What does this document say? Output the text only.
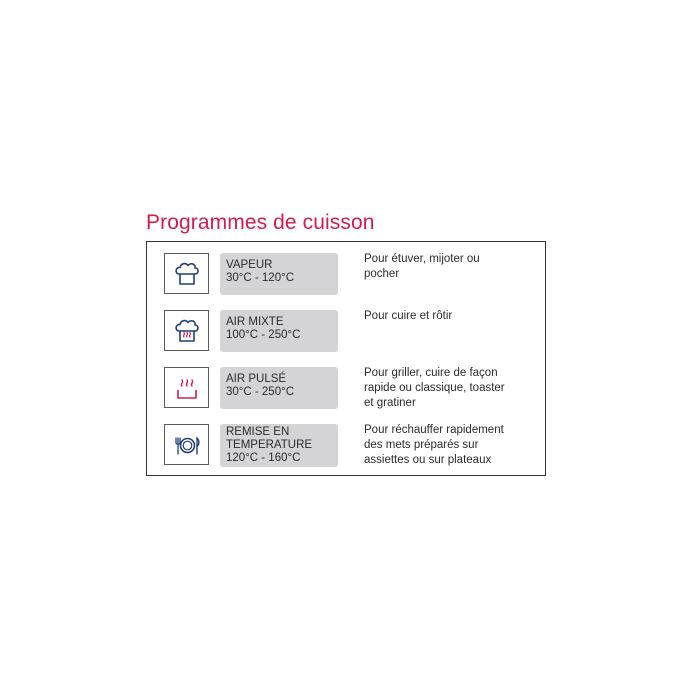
Programmes de cuisson
VAPEUR
30°C - 120°C
Pour étuver, mijoter ou
pocher
AIR MIXTE
100°C - 250°C
Pour cuire et rôtir
AIR PULSÉ
30°C - 250°C
Pour griller, cuire de façon
rapide ou classique, toaster
et gratiner
REMISE EN
TEMPERATURE
120°C - 160°C
Pour réchauffer rapidement
des mets préparés sur
assiettes ou sur plateaux
